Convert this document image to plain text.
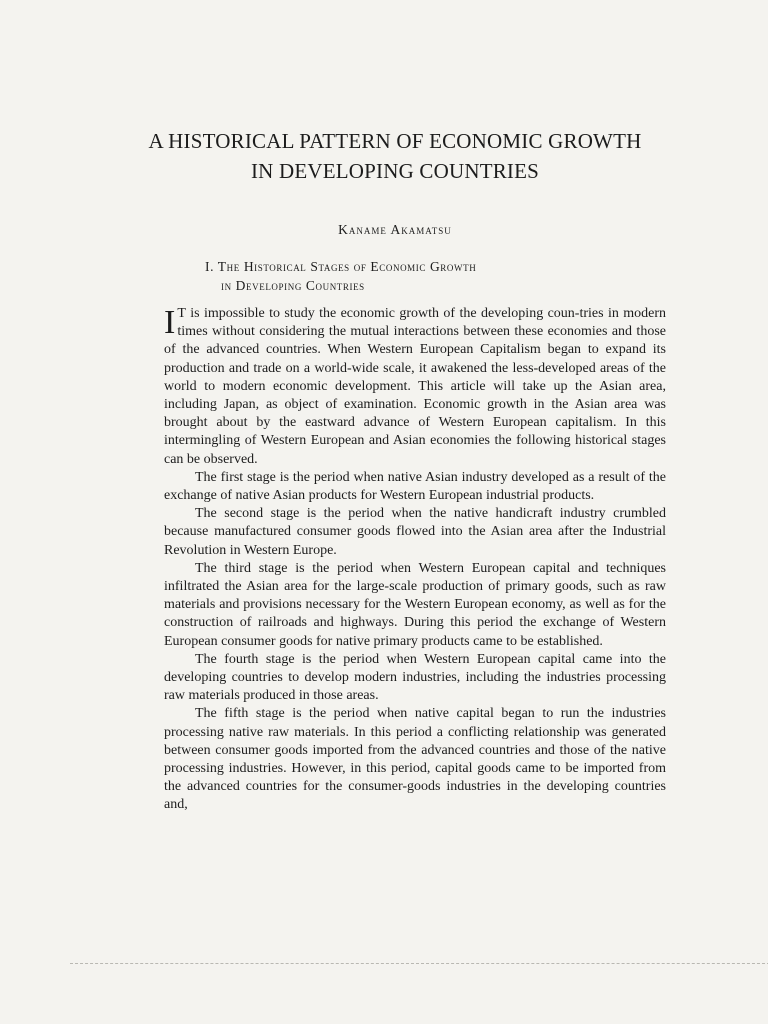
A HISTORICAL PATTERN OF ECONOMIC GROWTH
IN DEVELOPING COUNTRIES
Kaname Akamatsu
I. The Historical Stages of Economic Growth
in Developing Countries

I T is impossible to study the economic growth of the developing coun-tries in modern times without considering the mutual interactions between these economies and those of the advanced countries. When Western European Capitalism began to expand its production and trade on a world-wide scale, it awakened the less-developed areas of the world to modern economic development. This article will take up the Asian area, including Japan, as object of examination. Economic growth in the Asian area was brought about by the eastward advance of Western European capitalism. In this intermingling of Western European and Asian economies the following historical stages can be observed.

The first stage is the period when native Asian industry developed as a result of the exchange of native Asian products for Western European industrial products.

The second stage is the period when the native handicraft industry crumbled because manufactured consumer goods flowed into the Asian area after the Industrial Revolution in Western Europe.

The third stage is the period when Western European capital and techniques infiltrated the Asian area for the large-scale production of primary goods, such as raw materials and provisions necessary for the Western European economy, as well as for the construction of railroads and highways. During this period the exchange of Western European consumer goods for native primary products came to be established.

The fourth stage is the period when Western European capital came into the developing countries to develop modern industries, including the industries processing raw materials produced in those areas.

The fifth stage is the period when native capital began to run the industries processing native raw materials. In this period a conflicting relationship was generated between consumer goods imported from the advanced countries and those of the native processing industries. However, in this period, capital goods came to be imported from the advanced countries for the consumer-goods industries in the developing countries and,
